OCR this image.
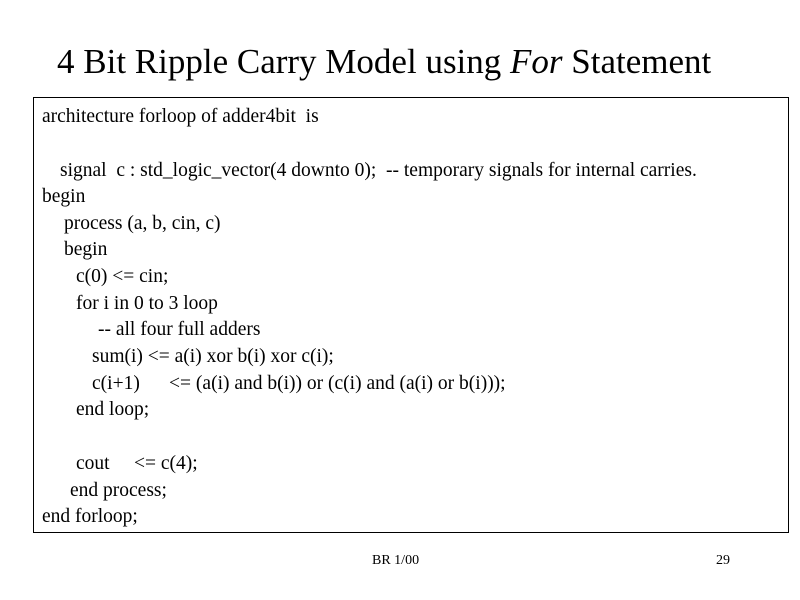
4 Bit Ripple Carry Model using For Statement
architecture forloop of adder4bit  is
signal  c : std_logic_vector(4 downto 0);  -- temporary signals for internal carries.
begin
process (a, b, cin, c)
begin
c(0) <= cin;
for i in 0 to 3 loop
-- all four full adders
sum(i) <= a(i) xor b(i) xor c(i);
c(i+1)      <= (a(i) and b(i)) or (c(i) and (a(i) or b(i)));
end loop;
cout     <= c(4);
end process;
end forloop;
BR 1/00	29
